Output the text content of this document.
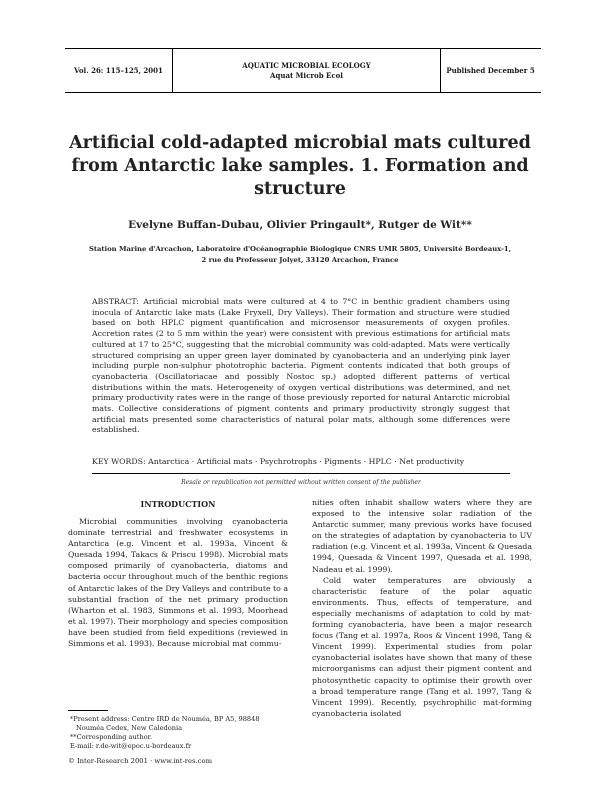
Vol. 26: 115–125, 2001
AQUATIC MICROBIAL ECOLOGY
Aquat Microb Ecol	Published December 5
Artificial cold-adapted microbial mats cultured from Antarctic lake samples. 1. Formation and structure
Evelyne Buffan-Dubau, Olivier Pringault*, Rutger de Wit**
Station Marine d'Arcachon, Laboratoire d'Océanographie Biologique CNRS UMR 5805, Université Bordeaux-1,
2 rue du Professeur Jolyet, 33120 Arcachon, France
ABSTRACT: Artificial microbial mats were cultured at 4 to 7°C in benthic gradient chambers using inocula of Antarctic lake mats (Lake Fryxell, Dry Valleys). Their formation and structure were studied based on both HPLC pigment quantification and microsensor measurements of oxygen profiles. Accretion rates (2 to 5 mm within the year) were consistent with previous estimations for artificial mats cultured at 17 to 25°C, suggesting that the microbial community was cold-adapted. Mats were vertically structured comprising an upper green layer dominated by cyanobacteria and an underlying pink layer including purple non-sulphur phototrophic bacteria. Pigment contents indicated that both groups of cyanobacteria (Oscillatoriacae and possibly Nostoc sp.) adopted different patterns of vertical distributions within the mats. Heterogeneity of oxygen vertical distributions was determined, and net primary productivity rates were in the range of those previously reported for natural Antarctic microbial mats. Collective considerations of pigment contents and primary productivity strongly suggest that artificial mats presented some characteristics of natural polar mats, although some differences were established.
KEY WORDS: Antarctica · Artificial mats · Psychrotrophs · Pigments · HPLC · Net productivity
Resale or republication not permitted without written consent of the publisher
INTRODUCTION

Microbial communities involving cyanobacteria dominate terrestrial and freshwater ecosystems in Antarctica (e.g. Vincent et al. 1993a, Vincent & Quesada 1994, Takacs & Priscu 1998). Microbial mats composed primarily of cyanobacteria, diatoms and bacteria occur throughout much of the benthic regions of Antarctic lakes of the Dry Valleys and contribute to a substantial fraction of the net primary production (Wharton et al. 1983, Simmons et al. 1993, Moorhead et al. 1997). Their morphology and species composition have been studied from field expeditions (reviewed in Simmons et al. 1993). Because microbial mat commu-

nities often inhabit shallow waters where they are exposed to the intensive solar radiation of the Antarctic summer, many previous works have focused on the strategies of adaptation by cyanobacteria to UV radiation (e.g. Vincent et al. 1993a, Vincent & Quesada 1994, Quesada & Vincent 1997, Quesada et al. 1998, Nadeau et al. 1999).

Cold water temperatures are obviously a characteristic feature of the polar aquatic environments. Thus, effects of temperature, and especially mechanisms of adaptation to cold by mat-forming cyanobacteria, have been a major research focus (Tang et al. 1997a, Roos & Vincent 1998, Tang & Vincent 1999). Experimental studies from polar cyanobacterial isolates have shown that many of these microorganisms can adjust their pigment content and photosynthetic capacity to optimise their growth over a broad temperature range (Tang et al. 1997, Tang & Vincent 1999). Recently, psychrophilic mat-forming cyanobacteria isolated

*Present address: Centre IRD de Nouméa, BP A5, 98848 Nouméa Cedex, New Caledonia
**Corresponding author.
E-mail: r.de-wit@epoc.u-bordeaux.fr
© Inter-Research 2001 · www.int-res.com
